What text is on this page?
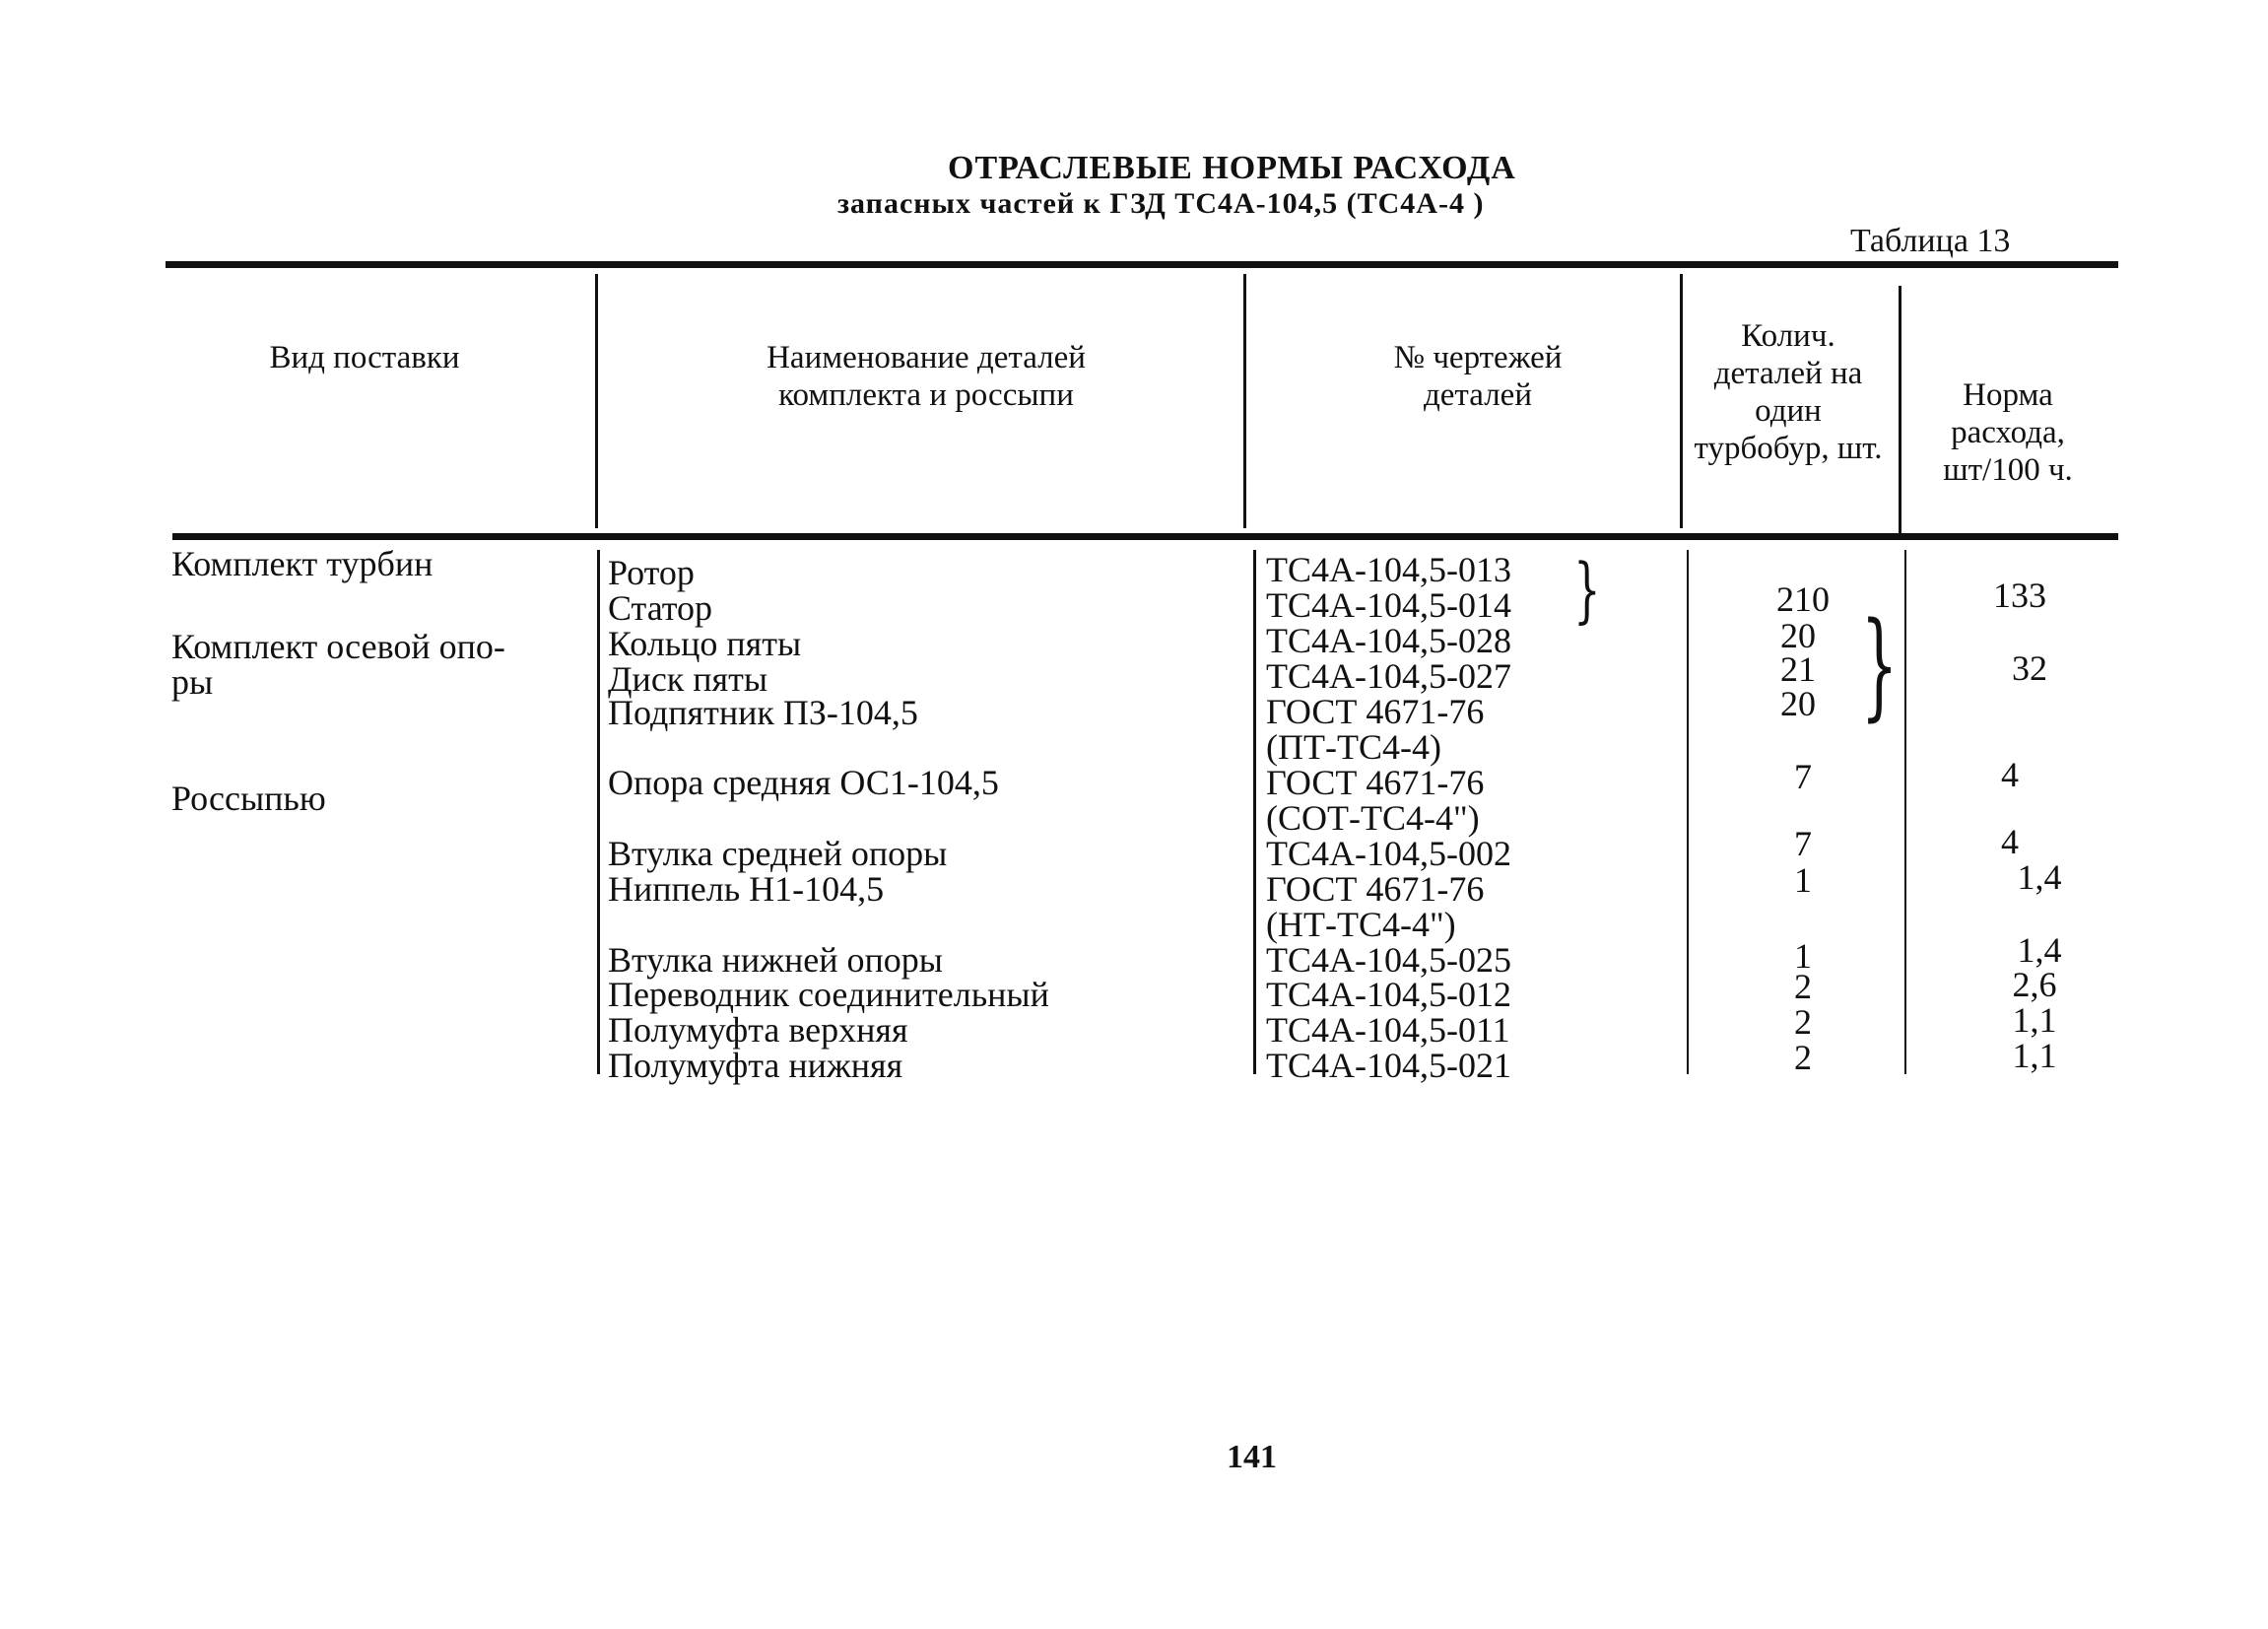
ОТРАСЛЕВЫЕ НОРМЫ РАСХОДА
запасных частей к ГЗД ТС4А-104,5 (ТС4А-4 )
Таблица 13
Вид поставки	Наименование деталей комплекта и россыпи
№ чертежей деталей
Колич. деталей на один турбобур, шт.
Норма расхода, шт/100 ч.
Комплект турбин
Комплект осевой опо-
ры
Россыпью
Ротор
Статор
Кольцо пяты
Диск пяты
Подпятник ПЗ-104,5
Опора средняя ОС1-104,5
Втулка средней опоры
Ниппель Н1-104,5
Втулка нижней опоры
Переводник соединительный
Полумуфта верхняя
Полумуфта нижняя
ТС4А-104,5-013
ТС4А-104,5-014
ТС4А-104,5-028
ТС4А-104,5-027
ГОСТ 4671-76
(ПТ-ТС4-4)
ГОСТ 4671-76
(СОТ-ТС4-4")
ТС4А-104,5-002
ГОСТ 4671-76
(НТ-ТС4-4")
ТС4А-104,5-025
ТС4А-104,5-012
ТС4А-104,5-011
ТС4А-104,5-021
}
}
210
20
21
20
7
7
1
1
2
2
2
133
32
4
4
1,4
1,4
2,6
1,1
1,1
141
